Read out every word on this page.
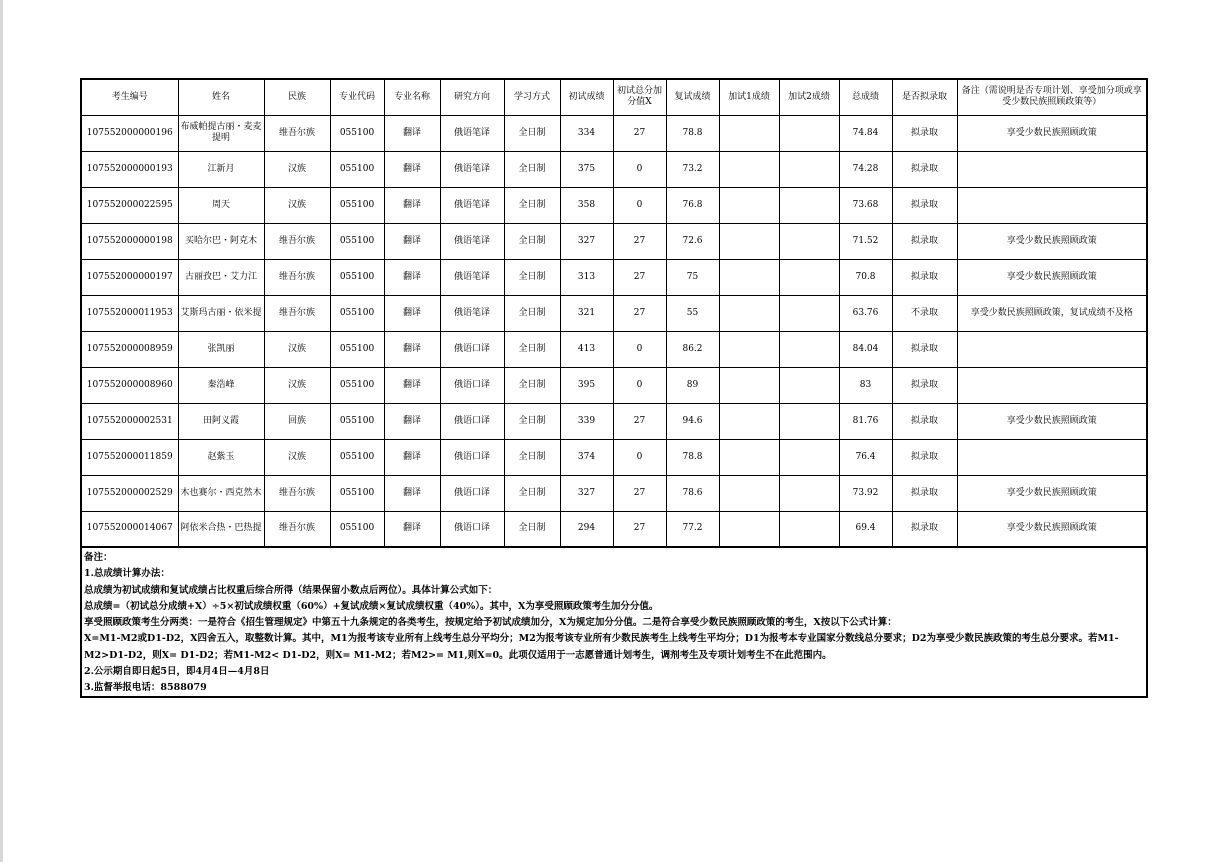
考生编号	姓名	民族	专业代码	专业名称	研究方向	学习方式	初试成绩	初试总分加分值X	复试成绩	加试1成绩	加试2成绩	总成绩	是否拟录取	备注（需说明是否专项计划、享受加分项或享受少数民族照顾政策等）
107552000000196	布威帕提古丽・麦麦提明	维吾尔族	055100	翻译	俄语笔译	全日制	334	27	78.8			74.84	拟录取	享受少数民族照顾政策
107552000000193	江新月	汉族	055100	翻译	俄语笔译	全日制	375	0	73.2			74.28	拟录取	
107552000022595	周天	汉族	055100	翻译	俄语笔译	全日制	358	0	76.8			73.68	拟录取	
107552000000198	买哈尔巴・阿克木	维吾尔族	055100	翻译	俄语笔译	全日制	327	27	72.6			71.52	拟录取	享受少数民族照顾政策
107552000000197	古丽孜巴・艾力江	维吾尔族	055100	翻译	俄语笔译	全日制	313	27	75			70.8	拟录取	享受少数民族照顾政策
107552000011953	艾斯玛古丽・依米提	维吾尔族	055100	翻译	俄语笔译	全日制	321	27	55			63.76	不录取	享受少数民族照顾政策，复试成绩不及格
107552000008959	张凯丽	汉族	055100	翻译	俄语口译	全日制	413	0	86.2			84.04	拟录取	
107552000008960	秦浩峰	汉族	055100	翻译	俄语口译	全日制	395	0	89			83	拟录取	
107552000002531	田阿义霞	回族	055100	翻译	俄语口译	全日制	339	27	94.6			81.76	拟录取	享受少数民族照顾政策
107552000011859	赵紫玉	汉族	055100	翻译	俄语口译	全日制	374	0	78.8			76.4	拟录取	
107552000002529	木也赛尔・西克然木	维吾尔族	055100	翻译	俄语口译	全日制	327	27	78.6			73.92	拟录取	享受少数民族照顾政策
107552000014067	阿依米合热・巴热提	维吾尔族	055100	翻译	俄语口译	全日制	294	27	77.2			69.4	拟录取	享受少数民族照顾政策
备注：
1.总成绩计算办法：
总成绩为初试成绩和复试成绩占比权重后综合所得（结果保留小数点后两位）。具体计算公式如下：
总成绩=（初试总分成绩+X）÷5×初试成绩权重（60%）+复试成绩×复试成绩权重（40%）。其中，X为享受照顾政策考生加分分值。
享受照顾政策考生分两类：一是符合《招生管理规定》中第五十九条规定的各类考生，按规定给予初试成绩加分，X为规定加分分值。二是符合享受少数民族照顾政策的考生，X按以下公式计算：
X=M1-M2或D1-D2，X四舍五入，取整数计算。其中，M1为报考该专业所有上线考生总分平均分；M2为报考该专业所有少数民族考生上线考生平均分；D1为报考本专业国家分数线总分要求；D2为享受少数民族政策的考生总分要求。若M1-M2>D1-D2，则X= D1-D2；若M1-M2< D1-D2，则X= M1-M2；若M2>= M1,则X=0。此项仅适用于一志愿普通计划考生，调剂考生及专项计划考生不在此范围内。
2.公示期自即日起5日，即4月4日—4月8日
3.监督举报电话：8588079
